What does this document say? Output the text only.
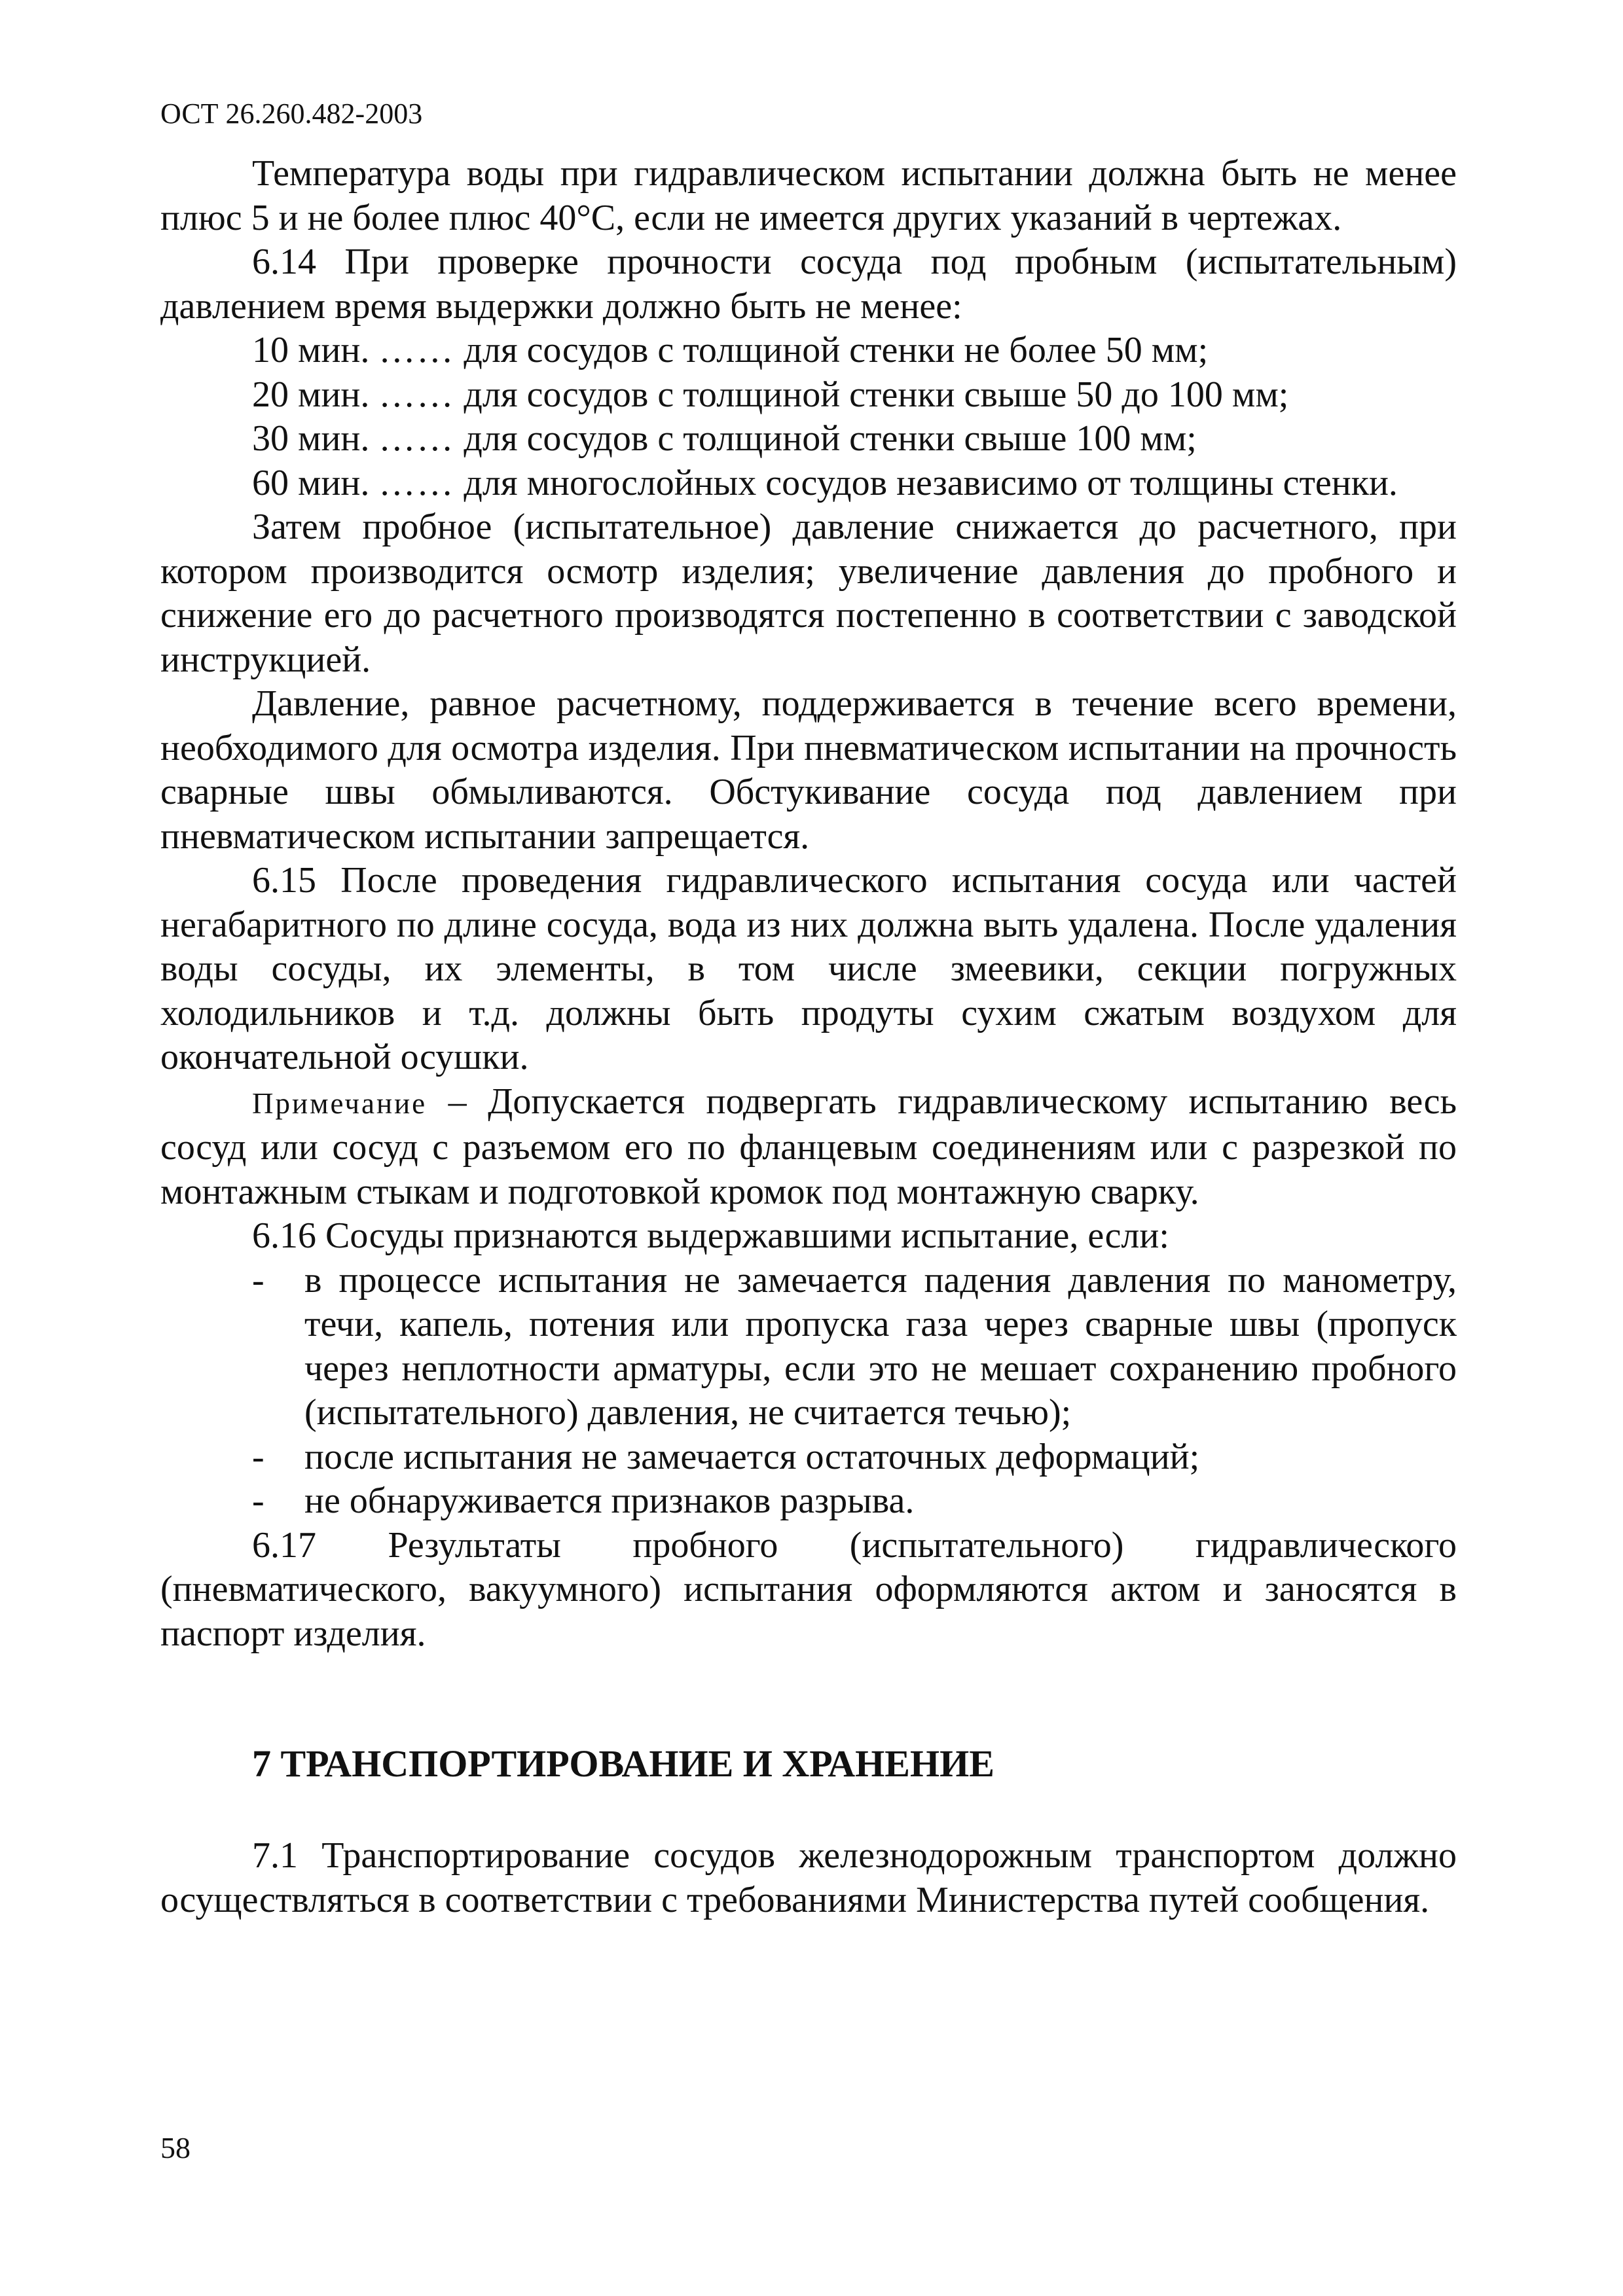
ОСТ 26.260.482-2003

Температура воды при гидравлическом испытании должна быть не менее плюс 5 и не более плюс 40°С, если не имеется других указаний в чертежах.

6.14 При проверке прочности сосуда под пробным (испытательным) давлением время выдержки должно быть не менее:

10 мин. …… для сосудов с толщиной стенки не более 50 мм;

20 мин. …… для сосудов с толщиной стенки свыше 50 до 100 мм;

30 мин. …… для сосудов с толщиной стенки свыше 100 мм;

60 мин. …… для многослойных сосудов независимо от толщины стенки.

Затем пробное (испытательное) давление снижается до расчетного, при котором производится осмотр изделия; увеличение давления до пробного и снижение его до расчетного производятся постепенно в соответствии с заводской инструкцией.

Давление, равное расчетному, поддерживается в течение всего времени, необходимого для осмотра изделия. При пневматическом испытании на прочность сварные швы обмыливаются. Обстукивание сосуда под давлением при пневматическом испытании запрещается.

6.15 После проведения гидравлического испытания сосуда или частей негабаритного по длине сосуда, вода из них должна выть удалена. После удаления воды сосуды, их элементы, в том числе змеевики, секции погружных холодильников и т.д. должны быть продуты сухим сжатым воздухом для окончательной осушки.

Примечание – Допускается подвергать гидравлическому испытанию весь сосуд или сосуд с разъемом его по фланцевым соединениям или с разрезкой по монтажным стыкам и подготовкой кромок под монтажную сварку.

6.16 Сосуды признаются выдержавшими испытание, если:

- в процессе испытания не замечается падения давления по манометру, течи, капель, потения или пропуска газа через сварные швы (пропуск через неплотности арматуры, если это не мешает сохранению пробного (испытательного) давления, не считается течью);

- после испытания не замечается остаточных деформаций;

- не обнаруживается признаков разрыва.

6.17 Результаты пробного (испытательного) гидравлического (пневматического, вакуумного) испытания оформляются актом и заносятся в паспорт изделия.

7 ТРАНСПОРТИРОВАНИЕ И ХРАНЕНИЕ

7.1 Транспортирование сосудов железнодорожным транспортом должно осуществляться в соответствии с требованиями Министерства путей сообщения.

58
